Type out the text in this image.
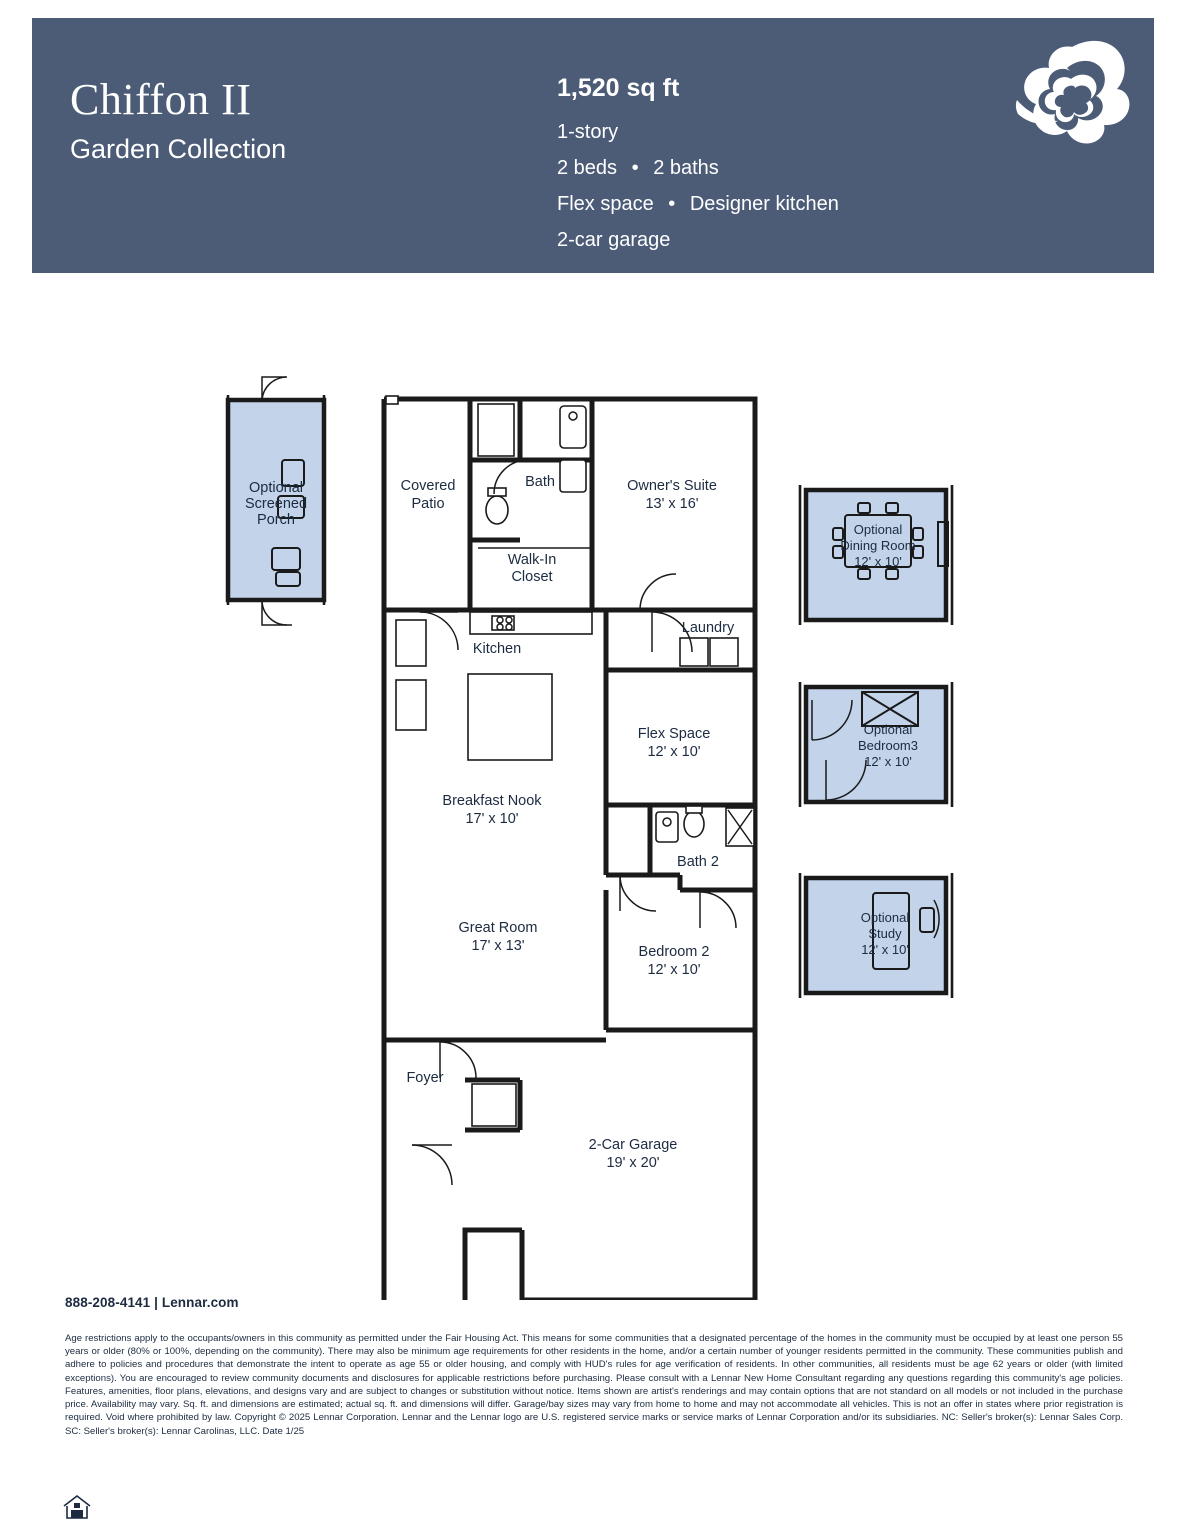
Chiffon II
Garden Collection
1,520 sq ft
1-story
2 beds • 2 baths
Flex space • Designer kitchen
2-car garage
Optional
Screened
Porch
Covered
Patio
Bath
Walk-In
Closet
Owner's Suite
13' x 16'
Kitchen
Laundry
Flex Space
12' x 10'
Bath 2
Bedroom 2
12' x 10'
Breakfast Nook
17' x 10'
Great Room
17' x 13'
Foyer
2-Car Garage
19' x 20'
Optional
Dining Room
12' x 10'
Optional
Bedroom3
12' x 10'
Optional
Study
12' x 10'
888-208-4141 | Lennar.com
Age restrictions apply to the occupants/owners in this community as permitted under the Fair Housing Act. This means for some communities that a designated percentage of the homes in the community must be occupied by at least one person 55 years or older (80% or 100%, depending on the community). There may also be minimum age requirements for other residents in the home, and/or a certain number of younger residents permitted in the community. These communities publish and adhere to policies and procedures that demonstrate the intent to operate as age 55 or older housing, and comply with HUD's rules for age verification of residents. In other communities, all residents must be age 62 years or older (with limited exceptions). You are encouraged to review community documents and disclosures for applicable restrictions before purchasing. Please consult with a Lennar New Home Consultant regarding any questions regarding this community's age policies. Features, amenities, floor plans, elevations, and designs vary and are subject to changes or substitution without notice. Items shown are artist's renderings and may contain options that are not standard on all models or not included in the purchase price. Availability may vary. Sq. ft. and dimensions are estimated; actual sq. ft. and dimensions will differ. Garage/bay sizes may vary from home to home and may not accommodate all vehicles. This is not an offer in states where prior registration is required. Void where prohibited by law. Copyright © 2025 Lennar Corporation. Lennar and the Lennar logo are U.S. registered service marks or service marks of Lennar Corporation and/or its subsidiaries. NC: Seller's broker(s): Lennar Sales Corp. SC: Seller's broker(s): Lennar Carolinas, LLC. Date 1/25
